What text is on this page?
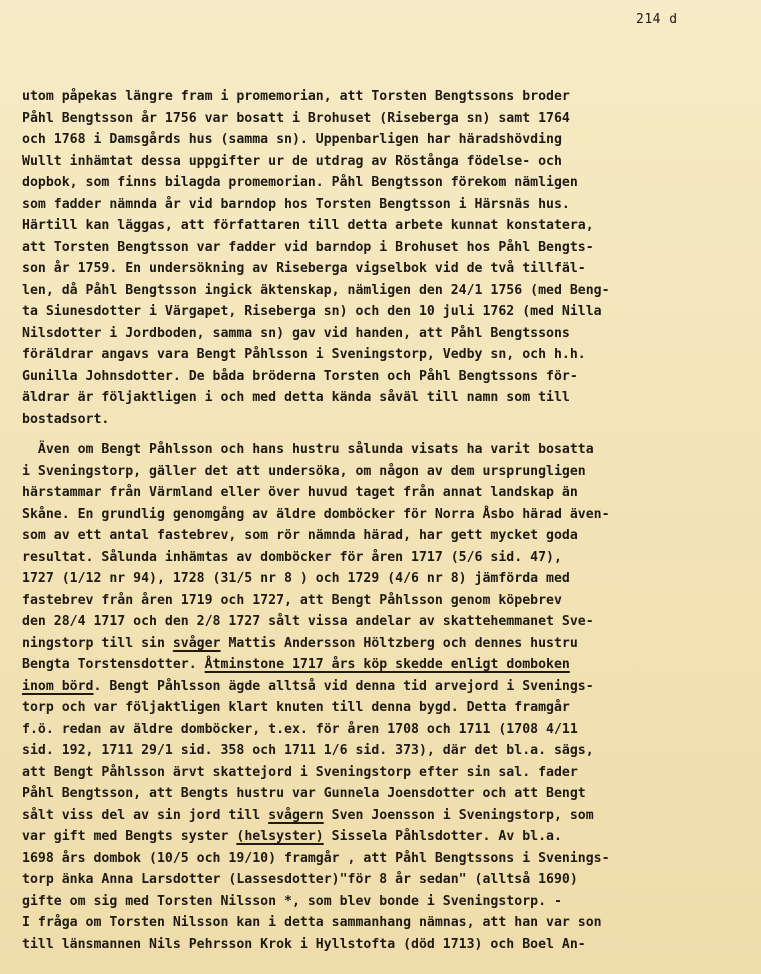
214 d
utom påpekas längre fram i promemorian, att Torsten Bengtssons broder
Påhl Bengtsson år 1756 var bosatt i Brohuset (Riseberga sn) samt 1764
och 1768 i Damsgårds hus (samma sn). Uppenbarligen har häradshövding
Wullt inhämtat dessa uppgifter ur de utdrag av Röstånga födelse- och
dopbok, som finns bilagda promemorian. Påhl Bengtsson förekom nämligen
som fadder nämnda år vid barndop hos Torsten Bengtsson i Härsnäs hus.
Härtill kan läggas, att författaren till detta arbete kunnat konstatera,
att Torsten Bengtsson var fadder vid barndop i Brohuset hos Påhl Bengts-
son år 1759. En undersökning av Riseberga vigselbok vid de två tillfäl-
len, då Påhl Bengtsson ingick äktenskap, nämligen den 24/1 1756 (med Beng-
ta Siunesdotter i Värgapet, Riseberga sn) och den 10 juli 1762 (med Nilla
Nilsdotter i Jordboden, samma sn) gav vid handen, att Påhl Bengtssons
föräldrar angavs vara Bengt Påhlsson i Sveningstorp, Vedby sn, och h.h.
Gunilla Johnsdotter. De båda bröderna Torsten och Påhl Bengtssons för-
äldrar är följaktligen i och med detta kända såväl till namn som till
bostadsort.
Även om Bengt Påhlsson och hans hustru sålunda visats ha varit bosatta
i Sveningstorp, gäller det att undersöka, om någon av dem ursprungligen
härstammar från Värmland eller över huvud taget från annat landskap än
Skåne. En grundlig genomgång av äldre domböcker för Norra Åsbo härad även-
som av ett antal fastebrev, som rör nämnda härad, har gett mycket goda
resultat. Sålunda inhämtas av domböcker för åren 1717 (5/6 sid. 47),
1727 (1/12 nr 94), 1728 (31/5 nr 8 ) och 1729 (4/6 nr 8) jämförda med
fastebrev från åren 1719 och 1727, att Bengt Påhlsson genom köpebrev
den 28/4 1717 och den 2/8 1727 sålt vissa andelar av skattehemmanet Sve-
ningstorp till sin svåger Mattis Andersson Höltzberg och dennes hustru
Bengta Torstensdotter. Åtminstone 1717 års köp skedde enligt domboken
inom börd. Bengt Påhlsson ägde alltså vid denna tid arvejord i Svenings-
torp och var följaktligen klart knuten till denna bygd. Detta framgår
f.ö. redan av äldre domböcker, t.ex. för åren 1708 och 1711 (1708 4/11
sid. 192, 1711 29/1 sid. 358 och 1711 1/6 sid. 373), där det bl.a. sägs,
att Bengt Påhlsson ärvt skattejord i Sveningstorp efter sin sal. fader
Påhl Bengtsson, att Bengts hustru var Gunnela Joensdotter och att Bengt
sålt viss del av sin jord till svågern Sven Joensson i Sveningstorp, som
var gift med Bengts syster (helsyster) Sissela Påhlsdotter. Av bl.a.
1698 års dombok (10/5 och 19/10) framgår , att Påhl Bengtssons i Svenings-
torp änka Anna Larsdotter (Lassesdotter)"för 8 år sedan" (alltså 1690)
gifte om sig med Torsten Nilsson *, som blev bonde i Sveningstorp. -
I fråga om Torsten Nilsson kan i detta sammanhang nämnas, att han var son
till länsmannen Nils Pehrsson Krok i Hyllstofta (död 1713) och Boel An-
